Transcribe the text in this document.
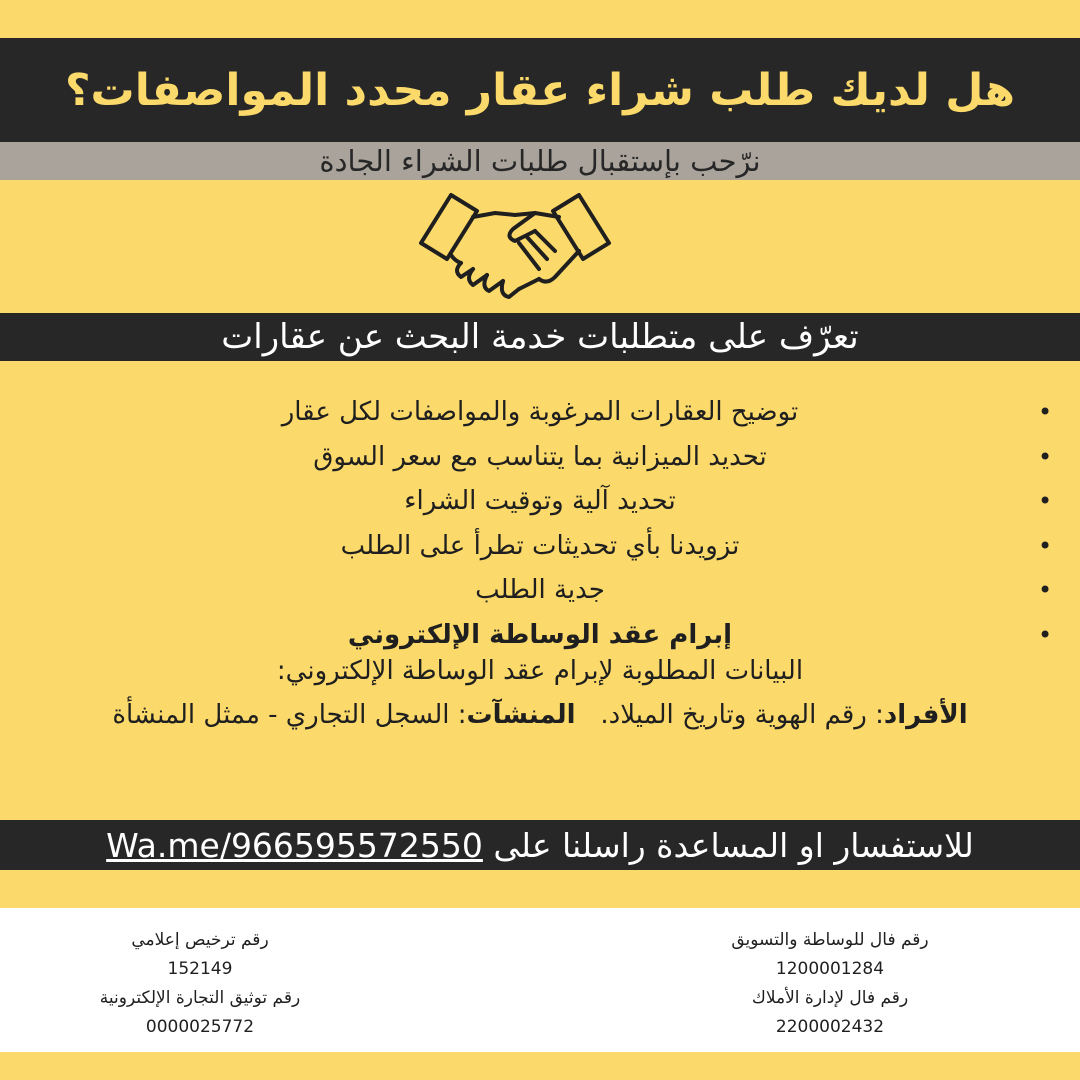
هل لديك طلب شراء عقار محدد المواصفات؟
نرّحب بإستقبال طلبات الشراء الجادة
تعرّف على متطلبات خدمة البحث عن عقارات
•
توضيح العقارات المرغوبة والمواصفات لكل عقار
•
تحديد الميزانية بما يتناسب مع سعر السوق
•
تحديد آلية وتوقيت الشراء
•
تزويدنا بأي تحديثات تطرأ على الطلب
•
جدية الطلب
•
إبرام عقد الوساطة الإلكتروني
البيانات المطلوبة لإبرام عقد الوساطة الإلكتروني:
الأفراد: رقم الهوية وتاريخ الميلاد.   المنشآت: السجل التجاري - ممثل المنشأة
للاستفسار او المساعدة راسلنا على Wa.me/966595572550
رقم فال للوساطة والتسويق
1200001284
رقم فال لإدارة الأملاك
2200002432
رقم ترخيص إعلامي
152149
رقم توثيق التجارة الإلكترونية
0000025772
